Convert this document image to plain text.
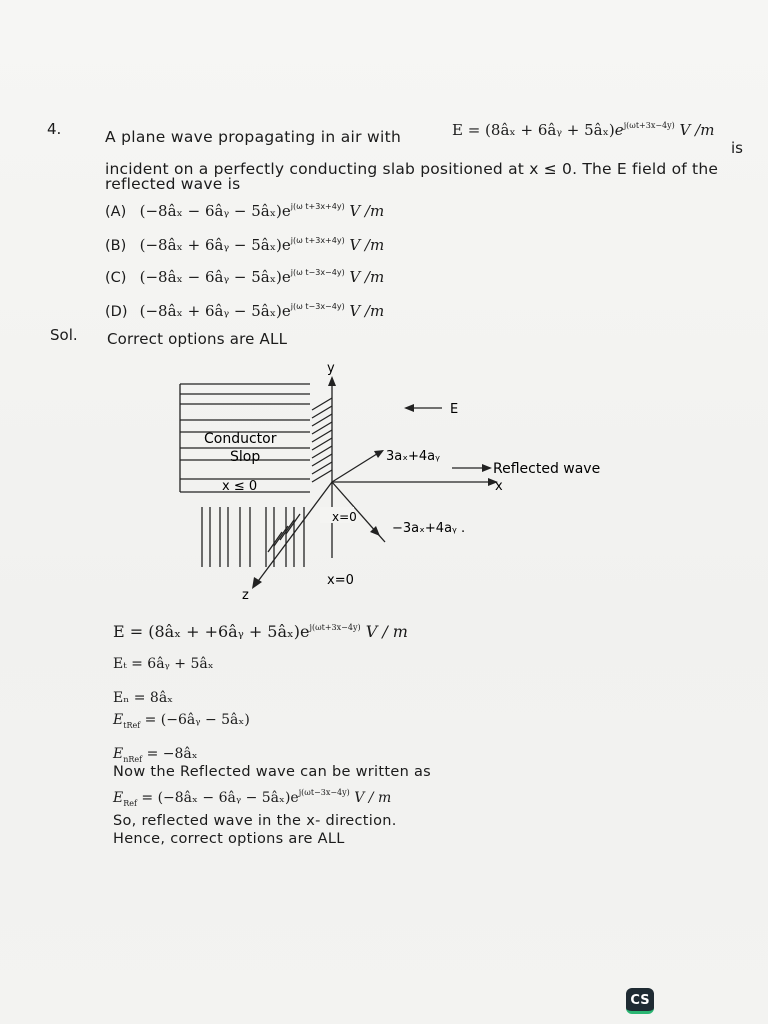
4.	A plane wave propagating in air with	E = (8âₓ + 6âᵧ + $5â_x)e^{j(\omega t+3x-4y)}$ V /m
is
incident on a perfectly conducting slab positioned at x ≤ 0. The E field of the
reflected wave is
(A) (−8âₓ − 6âᵧ − $5â_x)e^{j(\omega t+3x+4y)}$ V /m
(B) (−8âₓ + 6âᵧ − $5â_x)e^{j(\omega t+3x+4y)}$ V /m
(C) (−8âₓ − 6âᵧ − $5â_x)e^{j(\omega t-3x-4y)}$ V /m
(D) (−8âₓ + 6âᵧ − $5â_x)e^{j(\omega t-3x-4y)}$ V /m
Sol. Correct options are ALL
y
x
z
Conductor
Slop
x ≤ 0
E
3aₓ+4aᵧ
Reflected wave
−3aₓ+4aᵧ .
x=0
x=0
E = (8âₓ + +6âᵧ + $5â_x)e^{j(\omega t+3x-4y)}$ V / m
Eₜ = 6âᵧ + 5âₓ
Eₙ = 8âₓ
$E_{tRef}$ = (−6âᵧ − 5âₓ)
$E_{nRef}$ = −8âₓ
Now the Reflected wave can be written as
$E_{Ref}$ = (−8âₓ − 6âᵧ − $5â_x)e^{j(\omega t-3x-4y)}$ V / m
So, reflected wave in the x- direction.
Hence, correct options are ALL
CS
